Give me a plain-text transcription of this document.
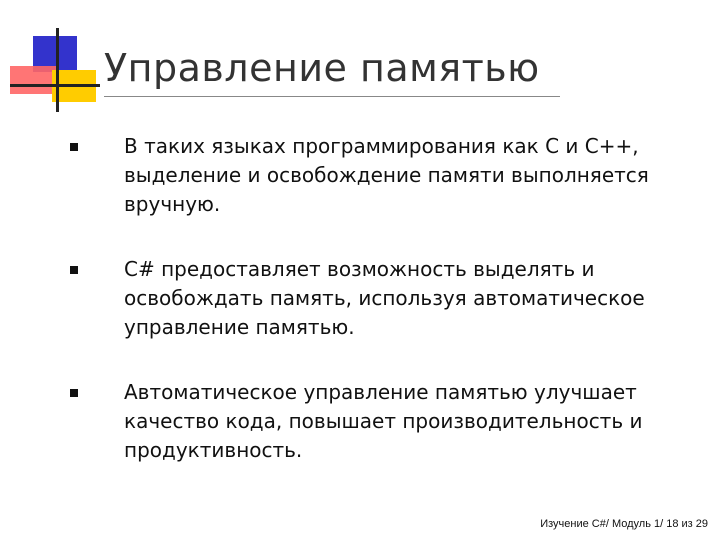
Управление памятью
В таких языках программирования как C и C++, выделение и освобождение памяти выполняется вручную.
C# предоставляет возможность выделять и освобождать память, используя автоматическое управление памятью.
Автоматическое управление памятью улучшает качество кода, повышает производительность и продуктивность.
Изучение C#/ Модуль 1/ 18 из 29
